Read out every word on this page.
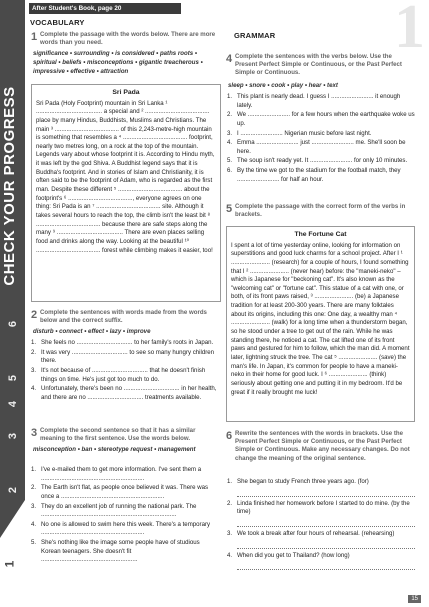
CHECK YOUR PROGRESS
6
5
4
3
2
1
1
After Student's Book, page 20
VOCABULARY
1 Complete the passage with the words below. There are more words than you need.
significance • surrounding • is considered • paths roots • spiritual • beliefs • misconceptions • gigantic treacherous • impressive • effective • attraction
Sri Pada
Sri Pada (Holy Footprint) mountain in Sri Lanka ¹ ....................................... a special and ² ...................................... place by many Hindus, Buddhists, Muslims and Christians. The main ³ ...................................... of this 2,243-metre-high mountain is something that resembles a ⁴ ...................................... footprint, nearly two metres long, on a rock at the top of the mountain. Legends vary about whose footprint it is. According to Hindu myth, it was left by the god Shiva. A Buddhist legend says that it is Buddha's footprint. And in stories of Islam and Christianity, it is often said to be the footprint of Adam, who is regarded as the first man. Despite these different ⁵ ...................................... about the footprint's ⁶ ......................................, everyone agrees on one thing: Sri Pada is an ⁷ ...................................... site. Although it takes several hours to reach the top, the climb isn't the least bit ⁸ ...................................... because there are safe steps along the many ⁹ ....................................... There are even places selling food and drinks along the way. Looking at the beautiful ¹⁰ ...................................... forest while climbing makes it easier, too!
2 Complete the sentences with words made from the words below and the correct suffix.
disturb • connect • effect • lazy • improve
1. She feels no ................................. to her family's roots in Japan.
2. It was very ................................. to see so many hungry children there.
3. It's not because of ................................. that he doesn't finish things on time. He's just got too much to do.
4. Unfortunately, there's been no ................................. in her health, and there are no ................................. treatments available.
3 Complete the second sentence so that it has a similar meaning to the first sentence. Use the words below.
misconception • ban • stereotype request • management
1. I've e-mailed them to get more information. I've sent them a .............................................................
2. The Earth isn't flat, as people once believed it was. There was once a .............................................................
3. They do an excellent job of running the national park. The ................................................................................
4. No one is allowed to swim here this week. There's a temporary .............................................................
5. She's nothing like the image some people have of studious Korean teenagers. She doesn't fit .........................................................
GRAMMAR
4 Complete the sentences with the verbs below. Use the Present Perfect Simple or Continuous, or the Past Perfect Simple or Continuous.
sleep • snore • cook • play • hear • text
1. This plant is nearly dead. I guess I ......................... it enough lately.
2. We ......................... for a few hours when the earthquake woke us up.
3. I ......................... Nigerian music before last night.
4. Emma ......................... just ......................... me. She'll soon be here.
5. The soup isn't ready yet. It ......................... for only 10 minutes.
6. By the time we got to the stadium for the football match, they ......................... for half an hour.
5 Complete the passage with the correct form of the verbs in brackets.
The Fortune Cat
I spent a lot of time yesterday online, looking for information on superstitions and good luck charms for a school project. After I ¹ ....................... (research) for a couple of hours, I found something that I ² ....................... (never hear) before: the "maneki-neko" – which is Japanese for "beckoning cat". It's also known as the "welcoming cat" or "fortune cat". This statue of a cat with one, or both, of its front paws raised, ³ ....................... (be) a Japanese tradition for at least 200-300 years. There are many folktales about its origins, including this one: One day, a wealthy man ⁴ ....................... (walk) for a long time when a thunderstorm began, so he stood under a tree to get out of the rain. While he was standing there, he noticed a cat. The cat lifted one of its front paws and gestured for him to follow, which the man did. A moment later, lightning struck the tree. The cat ⁵ ....................... (save) the man's life. In Japan, it's common for people to have a maneki-neko in their home for good luck. I ⁶ ....................... (think) seriously about getting one and putting it in my bedroom. It'd be great if it really brought me luck!
6 Rewrite the sentences with the words in brackets. Use the Present Perfect Simple or Continuous, or the Past Perfect Simple or Continuous. Make any necessary changes. Do not change the meaning of the original sentence.
1. She began to study French three years ago. (for)
2. Linda finished her homework before I started to do mine. (by the time)
3. We took a break after four hours of rehearsal. (rehearsing)
4. When did you get to Thailand? (how long)
15
